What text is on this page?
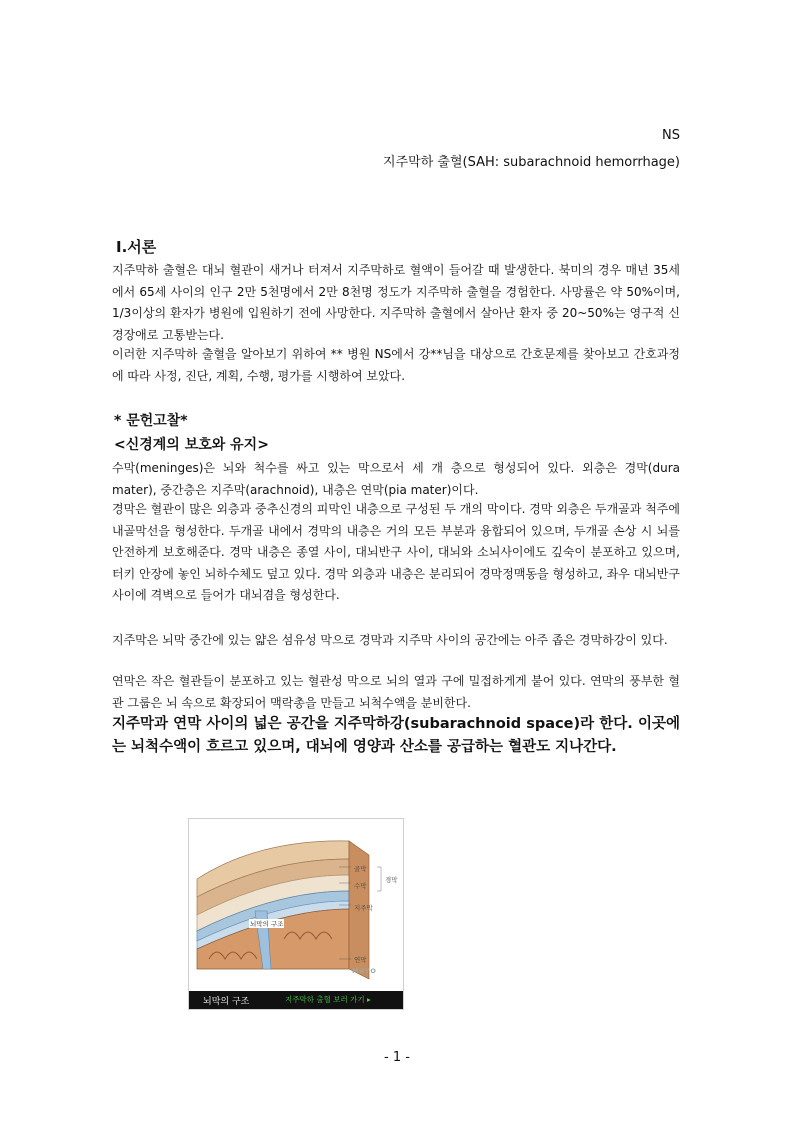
NS
지주막하 출혈(SAH: subarachnoid hemorrhage)
Ⅰ.서론
지주막하 출혈은 대뇌 혈관이 새거나 터져서 지주막하로 혈액이 들어갈 때 발생한다. 북미의 경우 매년 35세에서 65세 사이의 인구 2만 5천명에서 2만 8천명 정도가 지주막하 출혈을 경험한다. 사망률은 약 50%이며, 1/3이상의 환자가 병원에 입원하기 전에 사망한다. 지주막하 출혈에서 살아난 환자 중 20~50%는 영구적 신경장애로 고통받는다.
이러한 지주막하 출혈을 알아보기 위하여 ** 병원 NS에서 강**님을 대상으로 간호문제를 찾아보고 간호과정에 따라 사정, 진단, 계획, 수행, 평가를 시행하여 보았다.
* 문헌고찰*
<신경계의 보호와 유지>
수막(meninges)은 뇌와 척수를 싸고 있는 막으로서 세 개 층으로 형성되어 있다. 외층은 경막(dura mater), 중간층은 지주막(arachnoid), 내층은 연막(pia mater)이다.
경막은 혈관이 많은 외층과 중추신경의 피막인 내층으로 구성된 두 개의 막이다. 경막 외층은 두개골과 척주에 내골막선을 형성한다. 두개골 내에서 경막의 내층은 거의 모든 부분과 융합되어 있으며, 두개골 손상 시 뇌를 안전하게 보호해준다. 경막 내층은 종열 사이, 대뇌반구 사이, 대뇌와 소뇌사이에도 깊숙이 분포하고 있으며, 터키 안장에 놓인 뇌하수체도 덮고 있다. 경막 외층과 내층은 분리되어 경막정맥동을 형성하고, 좌우 대뇌반구 사이에 격벽으로 들어가 대뇌겸을 형성한다.
지주막은 뇌막 중간에 있는 얇은 섬유성 막으로 경막과 지주막 사이의 공간에는 아주 좁은 경막하강이 있다.
연막은 작은 혈관들이 분포하고 있는 혈관성 막으로 뇌의 열과 구에 밀접하게게 붙어 있다. 연막의 풍부한 혈관 그룹은 뇌 속으로 확장되어 맥락총을 만들고 뇌척수액을 분비한다.
지주막과 연막 사이의 넓은 공간을 지주막하강(subarachnoid space)라 한다. 이곳에는 뇌척수액이 흐르고 있으며, 대뇌에 영양과 산소를 공급하는 혈관도 지나간다.
골막
수막
경막
지주막
뇌막의 구조
연막
MAYO
뇌막의 구조	지주막하 출혈 보러 가기 ▸
- 1 -
